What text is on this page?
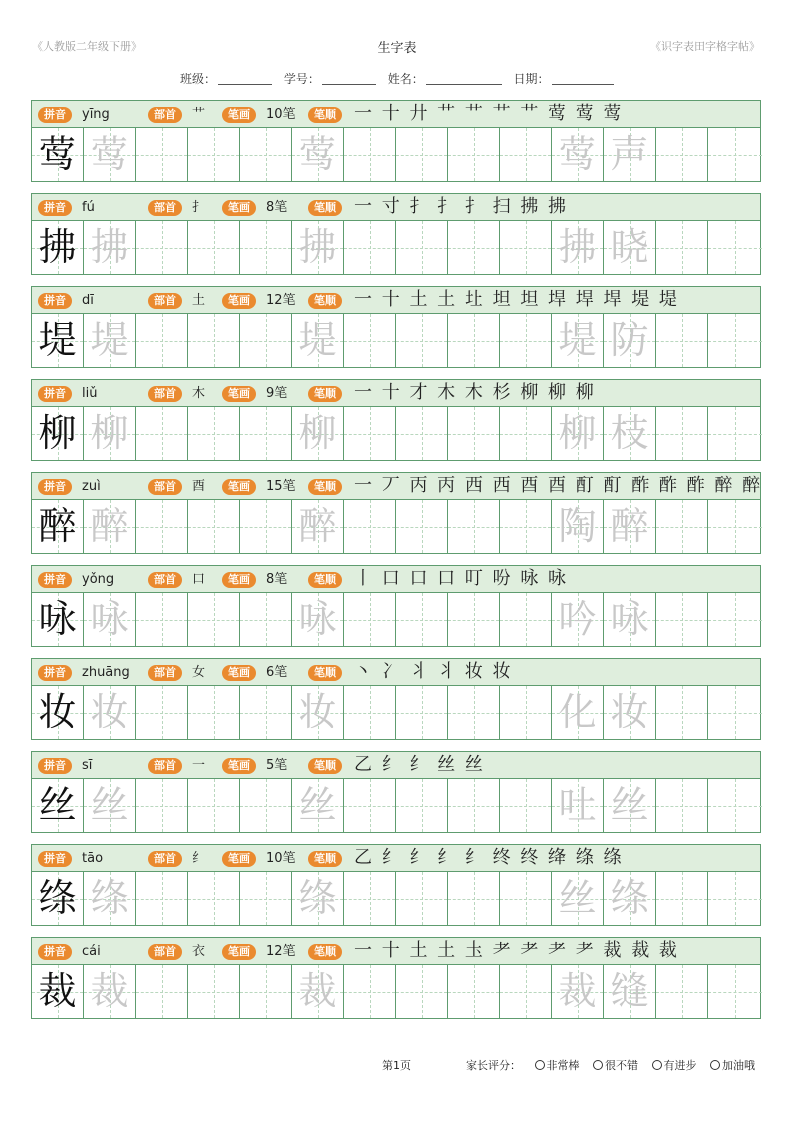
《人教版二年级下册》	生字表	《识字表田字格字帖》
班级：	学号：	姓名：	日期：
拼音	yīng	部首	艹	笔画	10笔	笔顺	一 十 廾 艹 艹 艹 艹 莺 莺 莺
莺 莺	莺	莺 声
拼音	fú	部首	扌	笔画	8笔	笔顺	一 寸 扌 扌 扌 扫 拂 拂
拂 拂	拂	拂 晓
拼音	dī	部首	土	笔画	12笔	笔顺	一 十 土 土 圵 坦 坦 垾 垾 垾 堤 堤
堤 堤	堤	堤 防
拼音	liǔ	部首	木	笔画	9笔	笔顺	一 十 才 木 木 杉 柳 柳 柳
柳 柳	柳	柳 枝
拼音	zuì	部首	酉	笔画	15笔	笔顺	一 丆 丙 丙 西 西 酉 酉 酊 酊 酢 酢 酢 醉 醉
醉 醉	醉	陶 醉
拼音	yǒng	部首	口	笔画	8笔	笔顺	丨 口 口 口 叮 吩 咏 咏
咏 咏	咏	吟 咏
拼音	zhuāng	部首	女	笔画	6笔	笔顺	丶 冫 丬 丬 妆 妆
妆 妆	妆	化 妆
拼音	sī	部首	一	笔画	5笔	笔顺	乙 纟 纟 丝 丝
丝 丝	丝	吐 丝
拼音	tāo	部首	纟	笔画	10笔	笔顺	乙 纟 纟 纟 纟 终 终 绛 绦 绦
绦 绦	绦	丝 绦
拼音	cái	部首	衣	笔画	12笔	笔顺	一 十 土 土 圡 耂 耂 耂 耂 裁 裁 裁
裁 裁	裁	裁 缝
第1页	家长评分： 非常棒 很不错 有进步 加油哦
